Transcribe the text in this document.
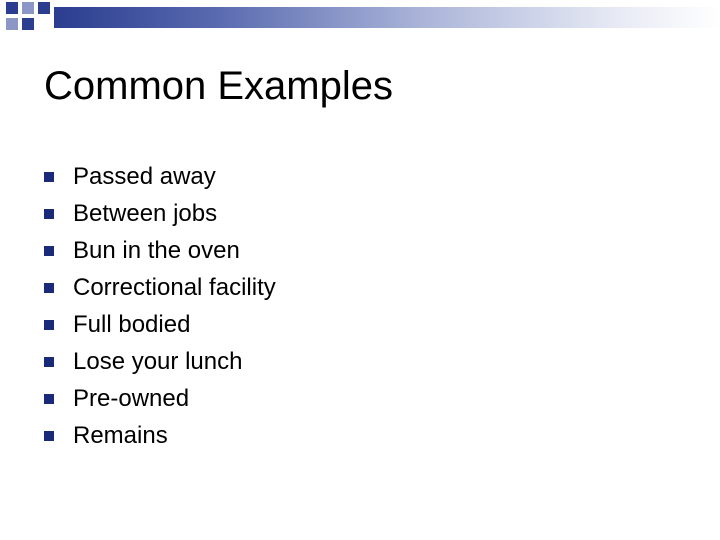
Common Examples
Passed away
Between jobs
Bun in the oven
Correctional facility
Full bodied
Lose your lunch
Pre-owned
Remains
